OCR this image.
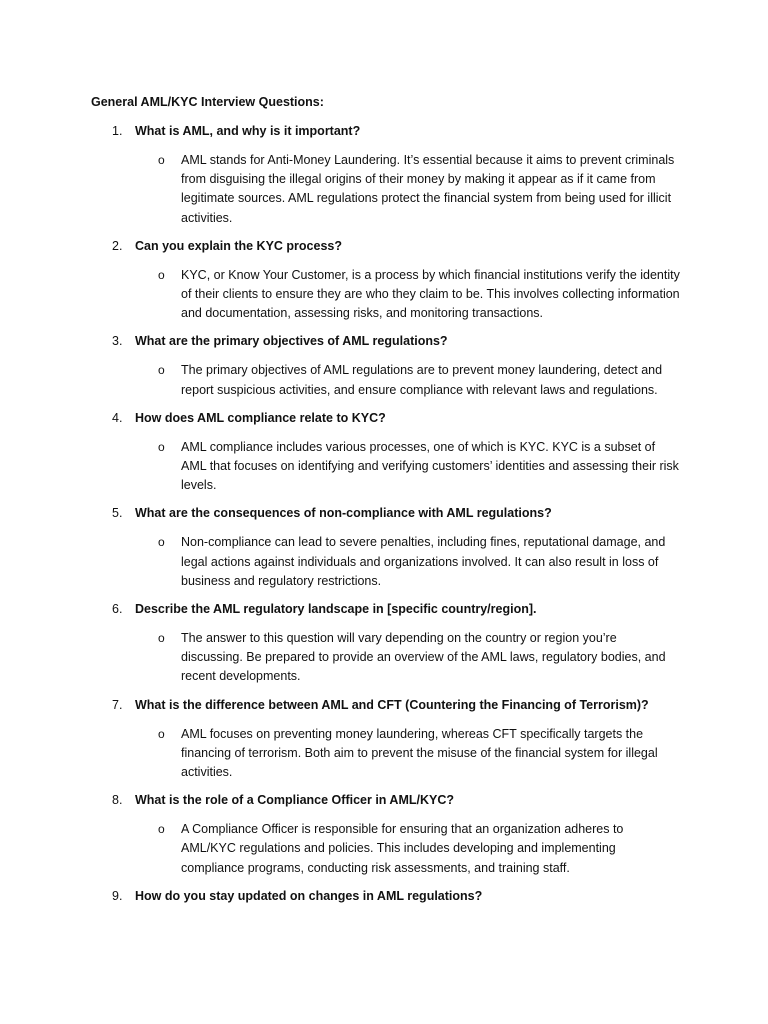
General AML/KYC Interview Questions:
1. What is AML, and why is it important?
o AML stands for Anti-Money Laundering. It’s essential because it aims to prevent criminals from disguising the illegal origins of their money by making it appear as if it came from legitimate sources. AML regulations protect the financial system from being used for illicit activities.

2. Can you explain the KYC process?
o KYC, or Know Your Customer, is a process by which financial institutions verify the identity of their clients to ensure they are who they claim to be. This involves collecting information and documentation, assessing risks, and monitoring transactions.

3. What are the primary objectives of AML regulations?
o The primary objectives of AML regulations are to prevent money laundering, detect and report suspicious activities, and ensure compliance with relevant laws and regulations.

4. How does AML compliance relate to KYC?
o AML compliance includes various processes, one of which is KYC. KYC is a subset of AML that focuses on identifying and verifying customers’ identities and assessing their risk levels.

5. What are the consequences of non-compliance with AML regulations?
o Non-compliance can lead to severe penalties, including fines, reputational damage, and legal actions against individuals and organizations involved. It can also result in loss of business and regulatory restrictions.

6. Describe the AML regulatory landscape in [specific country/region].
o The answer to this question will vary depending on the country or region you’re discussing. Be prepared to provide an overview of the AML laws, regulatory bodies, and recent developments.

7. What is the difference between AML and CFT (Countering the Financing of Terrorism)?
o AML focuses on preventing money laundering, whereas CFT specifically targets the financing of terrorism. Both aim to prevent the misuse of the financial system for illegal activities.

8. What is the role of a Compliance Officer in AML/KYC?
o A Compliance Officer is responsible for ensuring that an organization adheres to AML/KYC regulations and policies. This includes developing and implementing compliance programs, conducting risk assessments, and training staff.

9. How do you stay updated on changes in AML regulations?
